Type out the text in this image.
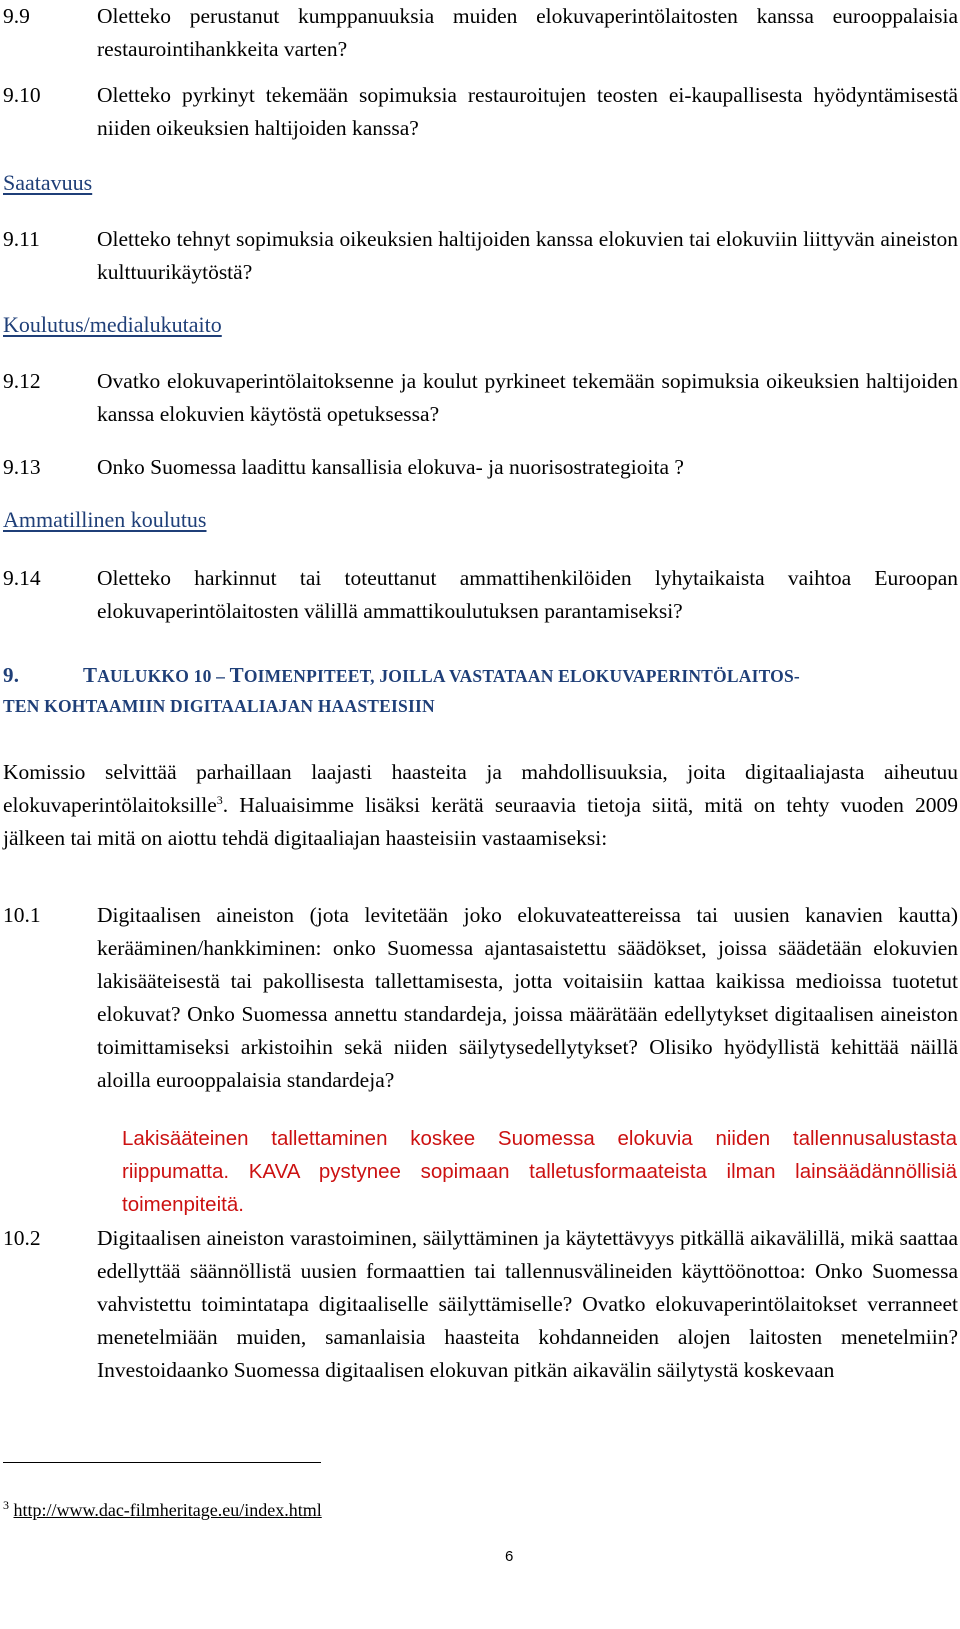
9.9	Oletteko perustanut kumppanuuksia muiden elokuvaperintölaitosten kanssa eurooppalaisia restaurointihankkeita varten?
9.10	Oletteko pyrkinyt tekemään sopimuksia restauroitujen teosten ei-kaupallisesta hyödyntämisestä niiden oikeuksien haltijoiden kanssa?
Saatavuus
9.11	Oletteko tehnyt sopimuksia oikeuksien haltijoiden kanssa elokuvien tai elokuviin liittyvän aineiston kulttuurikäytöstä?
Koulutus/medialukutaito
9.12	Ovatko elokuvaperintölaitoksenne ja koulut pyrkineet tekemään sopimuksia oikeuksien haltijoiden kanssa elokuvien käytöstä opetuksessa?
9.13	Onko Suomessa laadittu kansallisia elokuva- ja nuorisostrategioita ?
Ammatillinen koulutus
9.14	Oletteko harkinnut tai toteuttanut ammattihenkilöiden lyhytaikaista vaihtoa Euroopan elokuvaperintölaitosten välillä ammattikoulutuksen parantamiseksi?
9.	TAULUKKO 10 – TOIMENPITEET, JOILLA VASTATAAN ELOKUVAPERINTÖLAITOS-
TEN KOHTAAMIIN DIGITAALIAJAN HAASTEISIIN
Komissio selvittää parhaillaan laajasti haasteita ja mahdollisuuksia, joita digitaaliajasta aiheutuu elokuvaperintölaitoksille$^3$. Haluaisimme lisäksi kerätä seuraavia tietoja siitä, mitä on tehty vuoden 2009 jälkeen tai mitä on aiottu tehdä digitaaliajan haasteisiin vastaamiseksi:
10.1	Digitaalisen aineiston (jota levitetään joko elokuvateattereissa tai uusien kanavien kautta) kerääminen/hankkiminen: onko Suomessa ajantasaistettu säädökset, joissa säädetään elokuvien lakisääteisestä tai pakollisesta tallettamisesta, jotta voitaisiin kattaa kaikissa medioissa tuotetut elokuvat? Onko Suomessa annettu standardeja, joissa määrätään edellytykset digitaalisen aineiston toimittamiseksi arkistoihin sekä niiden säilytysedellytykset? Olisiko hyödyllistä kehittää näillä aloilla eurooppalaisia standardeja?
Lakisääteinen tallettaminen koskee Suomessa elokuvia niiden tallennusalustasta riippumatta. KAVA pystynee sopimaan talletusformaateista ilman lainsäädännöllisiä toimenpiteitä.
10.2	Digitaalisen aineiston varastoiminen, säilyttäminen ja käytettävyys pitkällä aikavälillä, mikä saattaa edellyttää säännöllistä uusien formaattien tai tallennusvälineiden käyttöönottoa: Onko Suomessa vahvistettu toimintatapa digitaaliselle säilyttämiselle? Ovatko elokuvaperintölaitokset verranneet menetelmiään muiden, samanlaisia haasteita kohdanneiden alojen laitosten menetelmiin? Investoidaanko Suomessa digitaalisen elokuvan pitkän aikavälin säilytystä koskevaan
$^3$ http://www.dac-filmheritage.eu/index.html
6
